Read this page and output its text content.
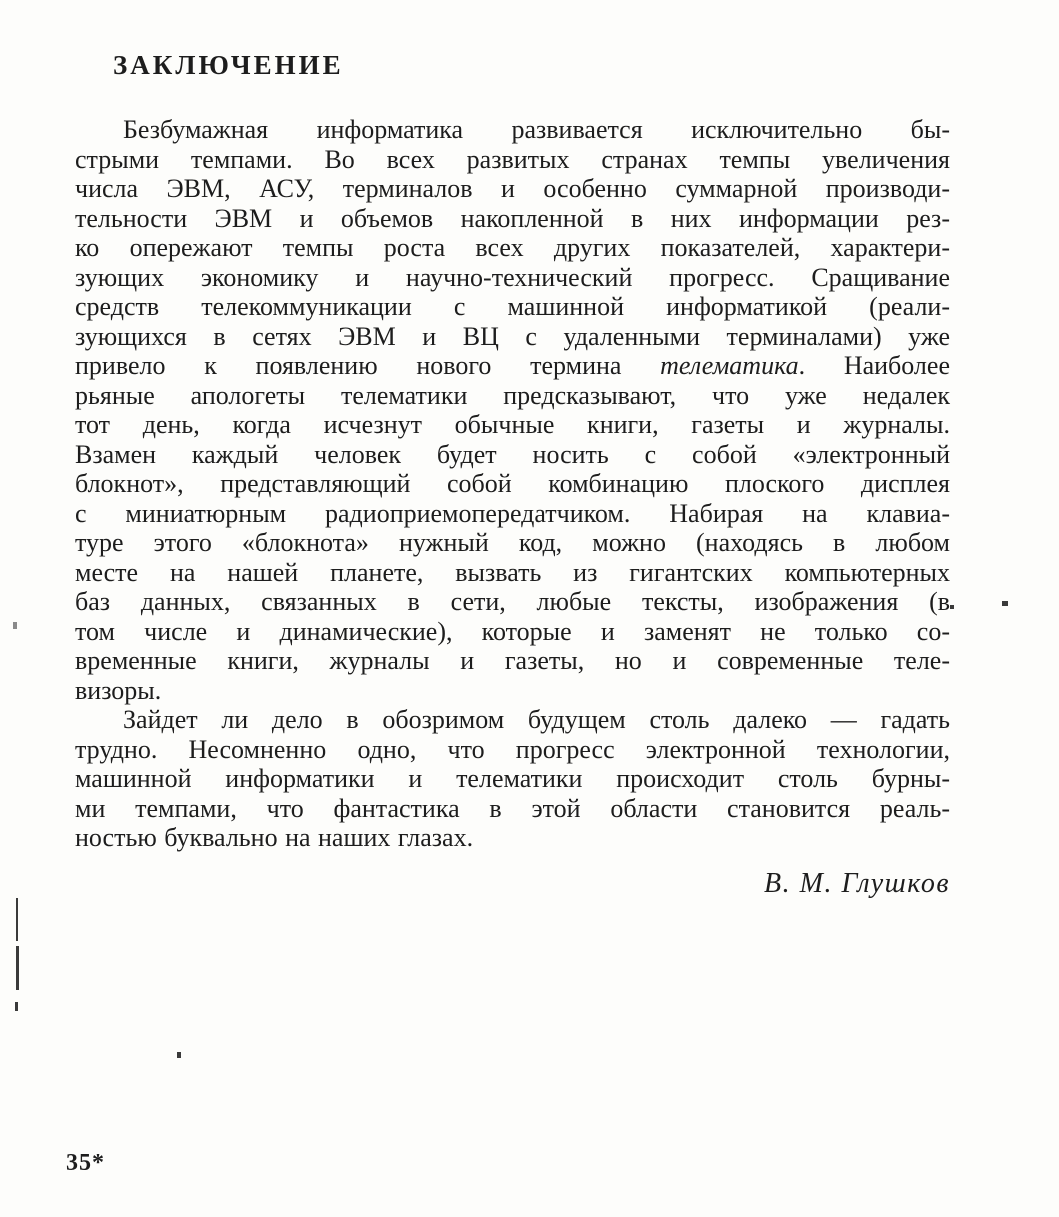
ЗАКЛЮЧЕНИЕ
Безбумажная информатика развивается исключительно бы-
стрыми темпами. Во всех развитых странах темпы увеличения
числа ЭВМ, АСУ, терминалов и особенно суммарной производи-
тельности ЭВМ и объемов накопленной в них информации рез-
ко опережают темпы роста всех других показателей, характери-
зующих экономику и научно-технический прогресс. Сращивание
средств телекоммуникации с машинной информатикой (реали-
зующихся в сетях ЭВМ и ВЦ с удаленными терминалами) уже
привело к появлению нового термина телематика. Наиболее
рьяные апологеты телематики предсказывают, что уже недалек
тот день, когда исчезнут обычные книги, газеты и журналы.
Взамен каждый человек будет носить с собой «электронный
блокнот», представляющий собой комбинацию плоского дисплея
с миниатюрным радиоприемопередатчиком. Набирая на клавиа-
туре этого «блокнота» нужный код, можно (находясь в любом
месте на нашей планете, вызвать из гигантских компьютерных
баз данных, связанных в сети, любые тексты, изображения (в
том числе и динамические), которые и заменят не только со-
временные книги, журналы и газеты, но и современные теле-
визоры.
Зайдет ли дело в обозримом будущем столь далеко — гадать
трудно. Несомненно одно, что прогресс электронной технологии,
машинной информатики и телематики происходит столь бурны-
ми темпами, что фантастика в этой области становится реаль-
ностью буквально на наших глазах.
В. М. Глушков
35*
